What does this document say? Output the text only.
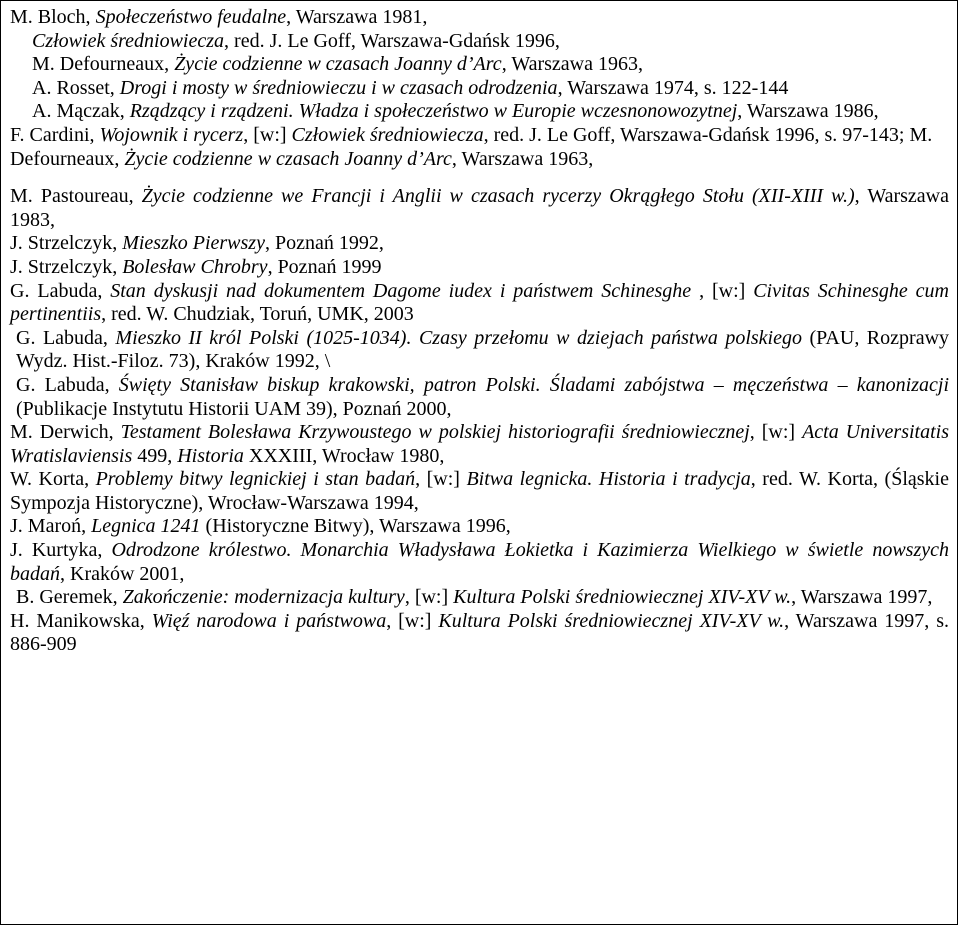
M. Bloch, Społeczeństwo feudalne, Warszawa 1981,

Człowiek średniowiecza, red. J. Le Goff, Warszawa-Gdańsk 1996,

M. Defourneaux, Życie codzienne w czasach Joanny d’Arc, Warszawa 1963,

A. Rosset, Drogi i mosty w średniowieczu i w czasach odrodzenia, Warszawa 1974, s. 122-144

A. Mączak, Rządzący i rządzeni. Władza i społeczeństwo w Europie wczesnonowozytnej, Warszawa 1986,

F. Cardini, Wojownik i rycerz, [w:] Człowiek średniowiecza, red. J. Le Goff, Warszawa-Gdańsk 1996, s. 97-143; M. Defourneaux, Życie codzienne w czasach Joanny d’Arc, Warszawa 1963,

M. Pastoureau, Życie codzienne we Francji i Anglii w czasach rycerzy Okrągłego Stołu (XII-XIII w.), Warszawa 1983,

J. Strzelczyk, Mieszko Pierwszy, Poznań 1992,

J. Strzelczyk, Bolesław Chrobry, Poznań 1999

G. Labuda, Stan dyskusji nad dokumentem Dagome iudex i państwem Schinesghe , [w:] Civitas Schinesghe cum pertinentiis, red. W. Chudziak, Toruń, UMK, 2003

G. Labuda, Mieszko II król Polski (1025-1034). Czasy przełomu w dziejach państwa polskiego (PAU, Rozprawy Wydz. Hist.-Filoz. 73), Kraków 1992, \

G. Labuda, Święty Stanisław biskup krakowski, patron Polski. Śladami zabójstwa – męczeństwa – kanonizacji (Publikacje Instytutu Historii UAM 39), Poznań 2000,

M. Derwich, Testament Bolesława Krzywoustego w polskiej historiografii średniowiecznej, [w:] Acta Universitatis Wratislaviensis 499, Historia XXXIII, Wrocław 1980,

W. Korta, Problemy bitwy legnickiej i stan badań, [w:] Bitwa legnicka. Historia i tradycja, red. W. Korta, (Śląskie Sympozja Historyczne), Wrocław-Warszawa 1994,

J. Maroń, Legnica 1241 (Historyczne Bitwy), Warszawa 1996,

J. Kurtyka, Odrodzone królestwo. Monarchia Władysława Łokietka i Kazimierza Wielkiego w świetle nowszych badań, Kraków 2001,

B. Geremek, Zakończenie: modernizacja kultury, [w:] Kultura Polski średniowiecznej XIV-XV w., Warszawa 1997,

H. Manikowska, Więź narodowa i państwowa, [w:] Kultura Polski średniowiecznej XIV-XV w., Warszawa 1997, s. 886-909
